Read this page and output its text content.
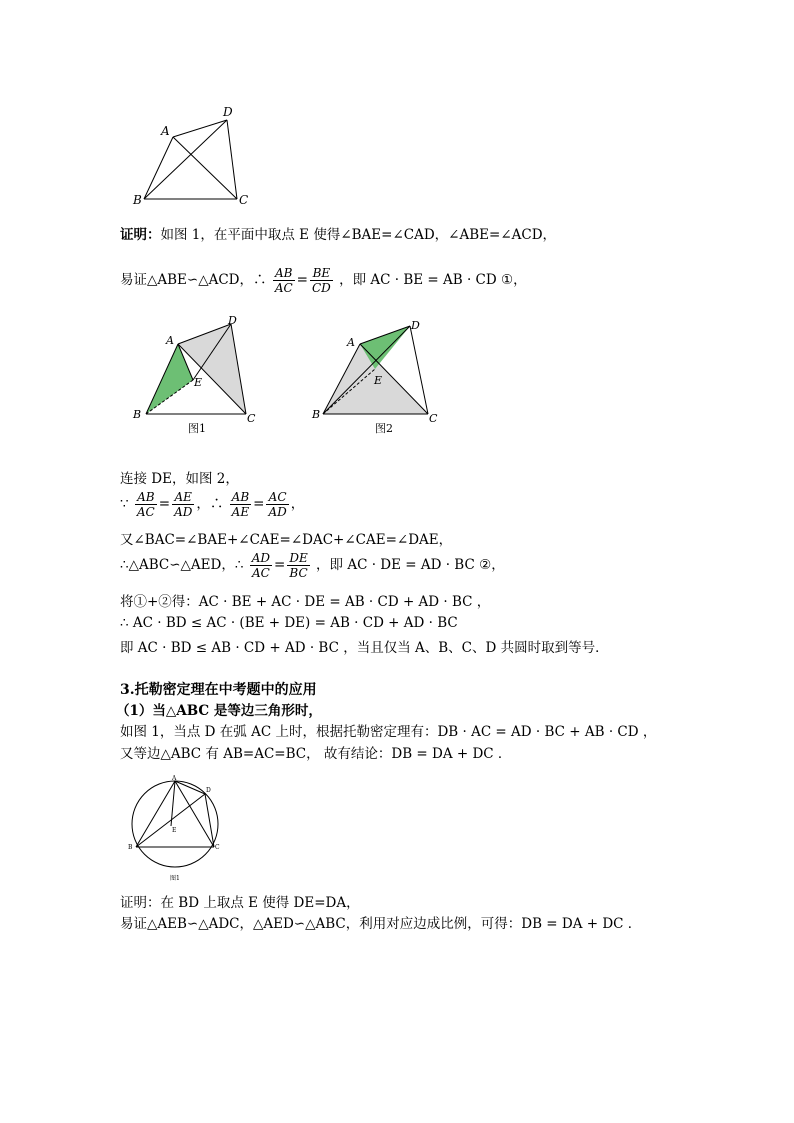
A
D
B	C
证明：如图 1，在平面中取点 E 使得∠BAE=∠CAD，∠ABE=∠ACD，
易证△ABE∽△ACD，∴ $\frac{AB}{AC} = \frac{BE}{CD}$ ，即 AC · BE = AB · CD ①，
A
D
B	C
E
图1
A
D
B	C
E
图2
连接 DE，如图 2，
∵ $\frac{AB}{AC} = \frac{AE}{AD}$ ，∴ $\frac{AB}{AE} = \frac{AC}{AD}$ ，
又∠BAC=∠BAE+∠CAE=∠DAC+∠CAE=∠DAE，
∴△ABC∽△AED，∴ $\frac{AD}{AC} = \frac{DE}{BC}$ ，即 AC · DE = AD · BC ②，
将①+②得：AC · BE + AC · DE = AB · CD + AD · BC ，
∴ AC · BD ≤ AC · (BE + DE) = AB · CD + AD · BC
即 AC · BD ≤ AB · CD + AD · BC ，当且仅当 A、B、C、D 共圆时取到等号．
3.托勒密定理在中考题中的应用
（1）当△ABC 是等边三角形时，
如图 1，当点 D 在弧 AC 上时，根据托勒密定理有：DB · AC = AD · BC + AB · CD ，
又等边△ABC 有 AB=AC=BC， 故有结论：DB = DA + DC ．
A
D
B	C
E
图1
证明：在 BD 上取点 E 使得 DE=DA，
易证△AEB∽△ADC，△AED∽△ABC，利用对应边成比例，可得：DB = DA + DC ．
